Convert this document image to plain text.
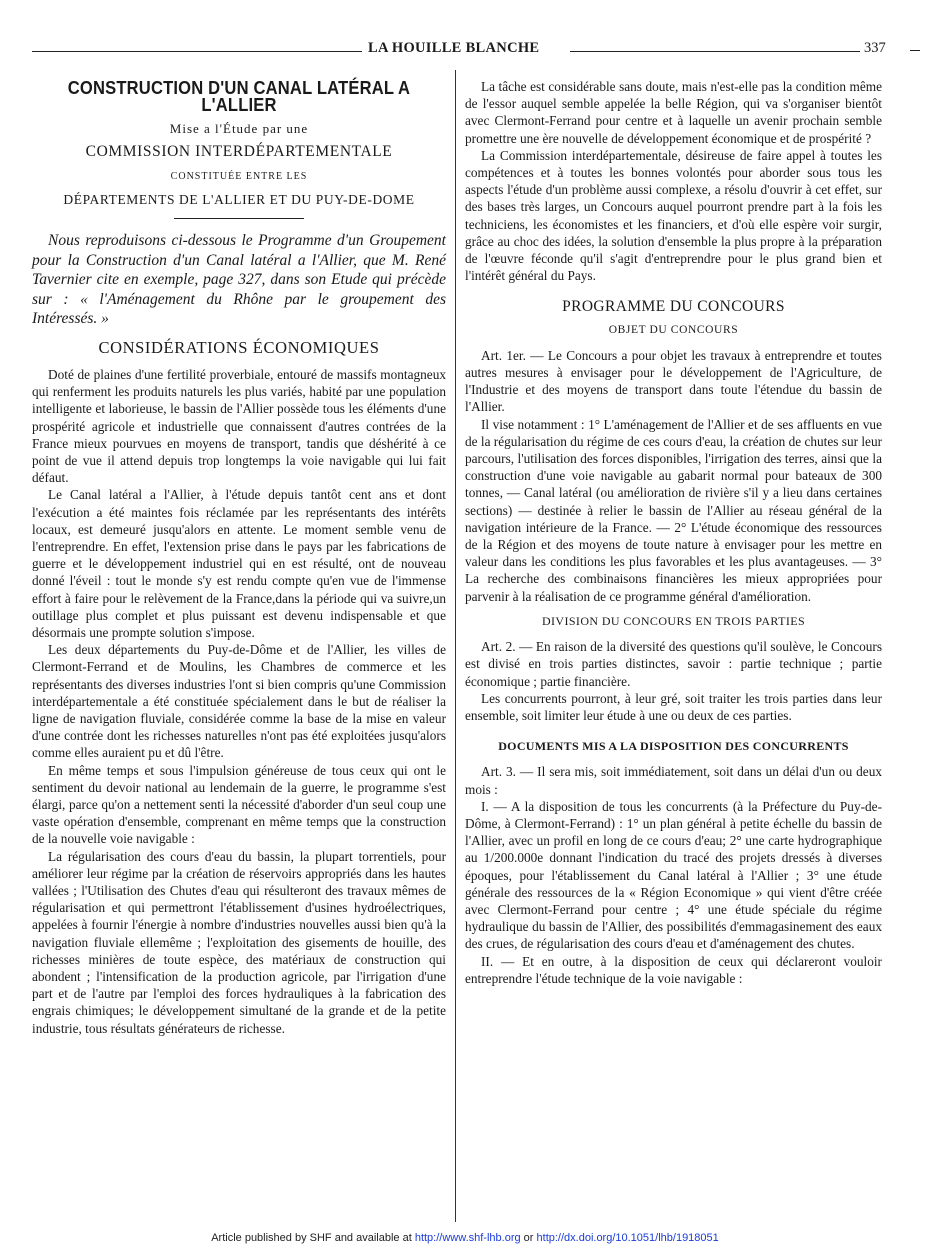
LA HOUILLE BLANCHE	337
CONSTRUCTION D'UN CANAL LATÉRAL A L'ALLIER
Mise a l'Étude par une
COMMISSION INTERDÉPARTEMENTALE
CONSTITUÉE ENTRE LES
DÉPARTEMENTS DE L'ALLIER ET DU PUY-DE-DOME

Nous reproduisons ci-dessous le Programme d'un Groupement pour la Construction d'un Canal latéral a l'Allier, que M. René Tavernier cite en exemple, page 327, dans son Etude qui précède sur : « l'Aménagement du Rhône par le groupement des Intéressés. »

CONSIDÉRATIONS ÉCONOMIQUES

Doté de plaines d'une fertilité proverbiale, entouré de massifs montagneux qui renferment les produits naturels les plus variés, habité par une population intelligente et laborieuse, le bassin de l'Allier possède tous les éléments d'une prospérité agricole et industrielle que connaissent d'autres contrées de la France mieux pourvues en moyens de transport, tandis que déshérité à ce point de vue il attend depuis trop longtemps la voie navigable qui lui fait défaut.

Le Canal latéral a l'Allier, à l'étude depuis tantôt cent ans et dont l'exécution a été maintes fois réclamée par les représentants des intérêts locaux, est demeuré jusqu'alors en attente. Le moment semble venu de l'entreprendre. En effet, l'extension prise dans le pays par les fabrications de guerre et le développement industriel qui en est résulté, ont de nouveau donné l'éveil : tout le monde s'y est rendu compte qu'en vue de l'immense effort à faire pour le relèvement de la France,dans la période qui va suivre,un outillage plus complet et plus puissant est devenu indispensable et que désormais une prompte solution s'impose.

Les deux départements du Puy-de-Dôme et de l'Allier, les villes de Clermont-Ferrand et de Moulins, les Chambres de commerce et les représentants des diverses industries l'ont si bien compris qu'une Commission interdépartementale a été constituée spécialement dans le but de réaliser la ligne de navigation fluviale, considérée comme la base de la mise en valeur d'une contrée dont les richesses naturelles n'ont pas été exploitées jusqu'alors comme elles auraient pu et dû l'être.

En même temps et sous l'impulsion généreuse de tous ceux qui ont le sentiment du devoir national au lendemain de la guerre, le programme s'est élargi, parce qu'on a nettement senti la nécessité d'aborder d'un seul coup une vaste opération d'ensemble, comprenant en même temps que la construction de la nouvelle voie navigable :

La régularisation des cours d'eau du bassin, la plupart torrentiels, pour améliorer leur régime par la création de réservoirs appropriés dans les hautes vallées ; l'Utilisation des Chutes d'eau qui résulteront des travaux mêmes de régularisation et qui permettront l'établissement d'usines hydroélectriques, appelées à fournir l'énergie à nombre d'industries nouvelles aussi bien qu'à la navigation fluviale ellemême ; l'exploitation des gisements de houille, des richesses minières de toute espèce, des matériaux de construction qui abondent ; l'intensification de la production agricole, par l'irrigation d'une part et de l'autre par l'emploi des forces hydrauliques à la fabrication des engrais chimiques; le développement simultané de la grande et de la petite industrie, tous résultats générateurs de richesse.

La tâche est considérable sans doute, mais n'est-elle pas la condition même de l'essor auquel semble appelée la belle Région, qui va s'organiser bientôt avec Clermont-Ferrand pour centre et à laquelle un avenir prochain semble promettre une ère nouvelle de développement économique et de prospérité ?

La Commission interdépartementale, désireuse de faire appel à toutes les compétences et à toutes les bonnes volontés pour aborder sous tous les aspects l'étude d'un problème aussi complexe, a résolu d'ouvrir à cet effet, sur des bases très larges, un Concours auquel pourront prendre part à la fois les techniciens, les économistes et les financiers, et d'où elle espère voir surgir, grâce au choc des idées, la solution d'ensemble la plus propre à la préparation de l'œuvre féconde qu'il s'agit d'entreprendre pour le plus grand bien et l'intérêt général du Pays.

PROGRAMME DU CONCOURS
OBJET DU CONCOURS

Art. 1er. — Le Concours a pour objet les travaux à entreprendre et toutes autres mesures à envisager pour le développement de l'Agriculture, de l'Industrie et des moyens de transport dans toute l'étendue du bassin de l'Allier.

Il vise notamment : 1° L'aménagement de l'Allier et de ses affluents en vue de la régularisation du régime de ces cours d'eau, la création de chutes sur leur parcours, l'utilisation des forces disponibles, l'irrigation des terres, ainsi que la construction d'une voie navigable au gabarit normal pour bateaux de 300 tonnes, — Canal latéral (ou amélioration de rivière s'il y a lieu dans certaines sections) — destinée à relier le bassin de l'Allier au réseau général de la navigation intérieure de la France. — 2° L'étude économique des ressources de la Région et des moyens de toute nature à envisager pour les mettre en valeur dans les conditions les plus favorables et les plus avantageuses. — 3° La recherche des combinaisons financières les mieux appropriées pour parvenir à la réalisation de ce programme général d'amélioration.

DIVISION DU CONCOURS EN TROIS PARTIES

Art. 2. — En raison de la diversité des questions qu'il soulève, le Concours est divisé en trois parties distinctes, savoir : partie technique ; partie économique ; partie financière.

Les concurrents pourront, à leur gré, soit traiter les trois parties dans leur ensemble, soit limiter leur étude à une ou deux de ces parties.

DOCUMENTS MIS A LA DISPOSITION DES CONCURRENTS

Art. 3. — Il sera mis, soit immédiatement, soit dans un délai d'un ou deux mois :

I. — A la disposition de tous les concurrents (à la Préfecture du Puy-de-Dôme, à Clermont-Ferrand) : 1° un plan général à petite échelle du bassin de l'Allier, avec un profil en long de ce cours d'eau; 2° une carte hydrographique au 1/200.000e donnant l'indication du tracé des projets dressés à diverses époques, pour l'établissement du Canal latéral à l'Allier ; 3° une étude générale des ressources de la « Région Economique » qui vient d'être créée avec Clermont-Ferrand pour centre ; 4° une étude spéciale du régime hydraulique du bassin de l'Allier, des possibilités d'emmagasinement des eaux des crues, de régularisation des cours d'eau et d'aménagement des chutes.

II. — Et en outre, à la disposition de ceux qui déclareront vouloir entreprendre l'étude technique de la voie navigable :

Article published by SHF and available at http://www.shf-lhb.org or http://dx.doi.org/10.1051/lhb/1918051
